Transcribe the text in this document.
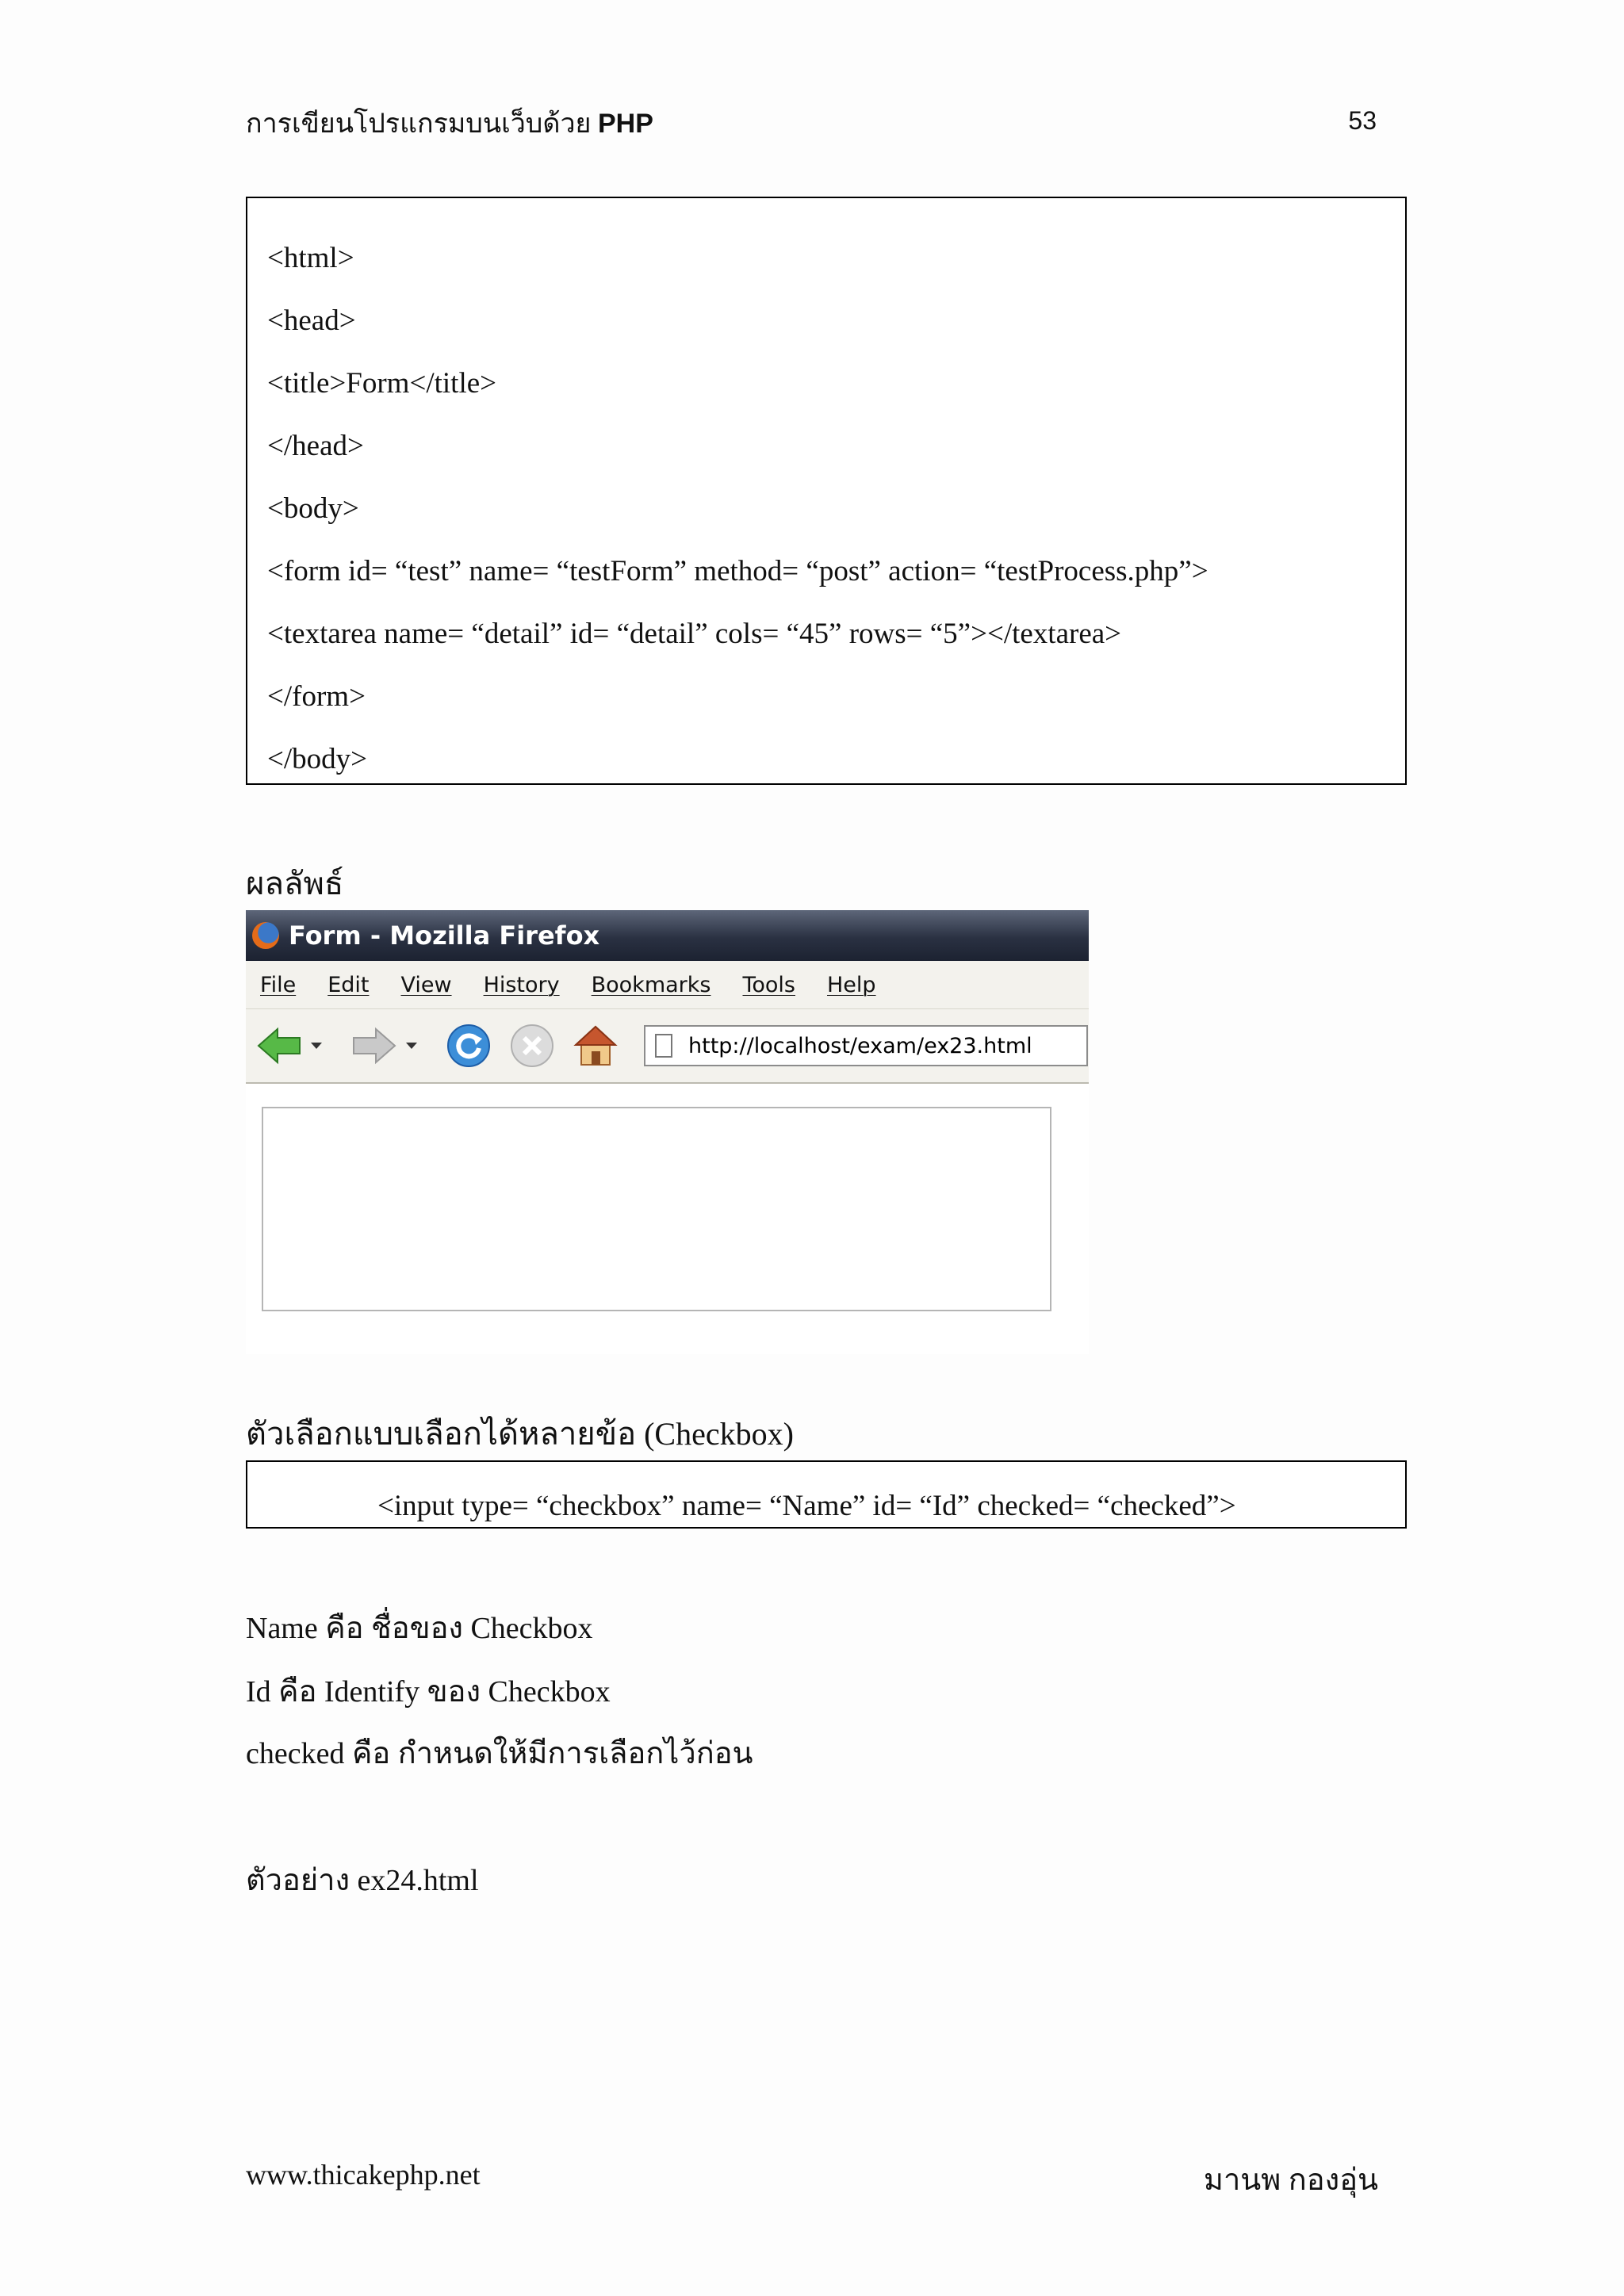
การเขียนโปรแกรมบนเว็บด้วย PHP	53
<html>
<head>
<title>Form</title>
</head>
<body>
<form id= “test” name= “testForm” method= “post” action= “testProcess.php”>
<textarea name= “detail” id= “detail” cols= “45” rows= “5”></textarea>
</form>
</body>
ผลลัพธ์
Form - Mozilla Firefox
File Edit View History Bookmarks Tools Help
http://localhost/exam/ex23.html
ตัวเลือกแบบเลือกได้หลายข้อ (Checkbox)
<input type= “checkbox” name= “Name” id= “Id” checked= “checked”>
Name คือ ชื่อของ Checkbox
Id คือ Identify ของ Checkbox
checked คือ กำหนดให้มีการเลือกไว้ก่อน
ตัวอย่าง ex24.html
www.thicakephp.net	มานพ กองอุ่น
